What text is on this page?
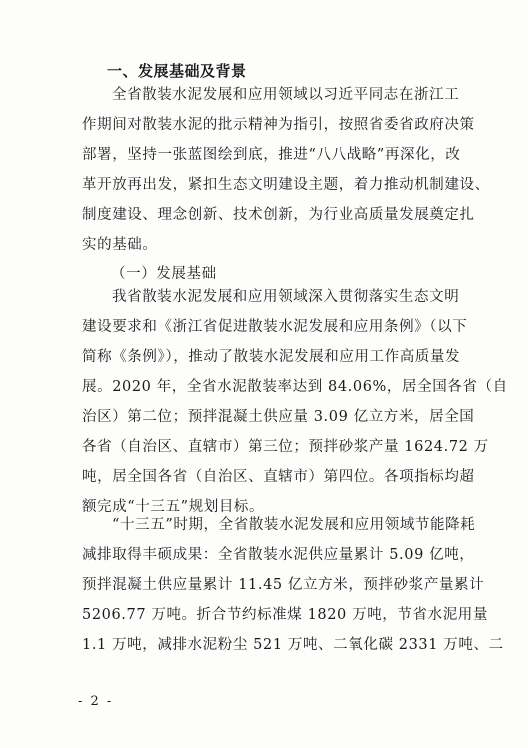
一、发展基础及背景
全省散装水泥发展和应用领域以习近平同志在浙江工
作期间对散装水泥的批示精神为指引，按照省委省政府决策
部署，坚持一张蓝图绘到底，推进“八八战略”再深化，改
革开放再出发，紧扣生态文明建设主题，着力推动机制建设、
制度建设、理念创新、技术创新，为行业高质量发展奠定扎
实的基础。
（一）发展基础
我省散装水泥发展和应用领域深入贯彻落实生态文明
建设要求和《浙江省促进散装水泥发展和应用条例》（以下
简称《条例》），推动了散装水泥发展和应用工作高质量发
展。2020 年，全省水泥散装率达到 84.06%，居全国各省（自
治区）第二位；预拌混凝土供应量 3.09 亿立方米，居全国
各省（自治区、直辖市）第三位；预拌砂浆产量 1624.72 万
吨，居全国各省（自治区、直辖市）第四位。各项指标均超
额完成“十三五”规划目标。
“十三五”时期，全省散装水泥发展和应用领域节能降耗
减排取得丰硕成果：全省散装水泥供应量累计 5.09 亿吨，
预拌混凝土供应量累计 11.45 亿立方米，预拌砂浆产量累计
5206.77 万吨。折合节约标准煤 1820 万吨，节省水泥用量
1.1 万吨，减排水泥粉尘 521 万吨、二氧化碳 2331 万吨、二
- 2 -
